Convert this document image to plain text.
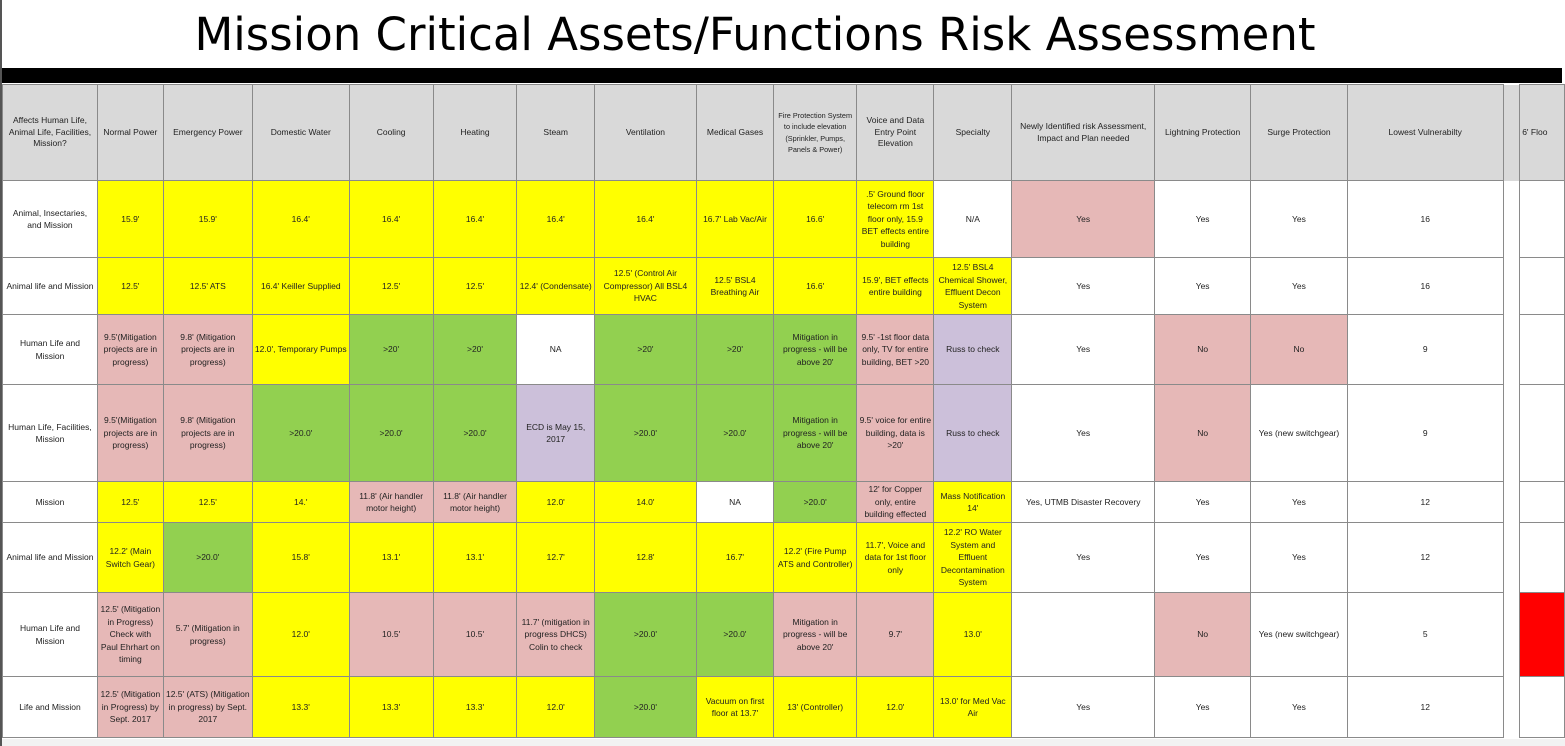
Mission Critical Assets/Functions Risk Assessment
Affects Human Life, Animal Life, Facilities, Mission?	Normal Power	Emergency Power	Domestic Water	Cooling	Heating	Steam	Ventilation	Medical Gases	Fire Protection System to include elevation (Sprinkler, Pumps, Panels & Power)	Voice and Data Entry Point Elevation	Specialty	Newly Identified risk Assessment, Impact and Plan needed	Lightning Protection	Surge Protection	Lowest Vulnerabilty		6' Floo
Animal, Insectaries, and Mission	15.9'	15.9'	16.4'	16.4'	16.4'	16.4'	16.4'	16.7' Lab Vac/Air	16.6'	.5' Ground floor telecom rm 1st floor only, 15.9 BET effects entire building	N/A	Yes	Yes	Yes	16		
Animal life and Mission	12.5'	12.5' ATS	16.4' Keiller Supplied	12.5'	12.5'	12.4' (Condensate)	12.5' (Control Air Compressor) All BSL4 HVAC	12.5' BSL4 Breathing Air	16.6'	15.9', BET effects entire building	12.5' BSL4 Chemical Shower, Effluent Decon System	Yes	Yes	Yes	16		
Human Life and Mission	9.5'(Mitigation projects are in progress)	9.8' (Mitigation projects are in progress)	12.0', Temporary Pumps	>20'	>20'	NA	>20'	>20'	Mitigation in progress - will be above 20'	9.5' -1st floor data only, TV for entire building, BET >20	Russ to check	Yes	No	No	9		
Human Life, Facilities, Mission	9.5'(Mitigation projects are in progress)	9.8' (Mitigation projects are in progress)	>20.0'	>20.0'	>20.0'	ECD is May 15, 2017	>20.0'	>20.0'	Mitigation in progress - will be above 20'	9.5' voice for entire building, data is >20'	Russ to check	Yes	No	Yes (new switchgear)	9		
Mission	12.5'	12.5'	14.'	11.8' (Air handler motor height)	11.8' (Air handler motor height)	12.0'	14.0'	NA	>20.0'	12' for Copper only, entire building effected	Mass Notification 14'	Yes, UTMB Disaster Recovery	Yes	Yes	12		
Animal life and Mission	12.2' (Main Switch Gear)	>20.0'	15.8'	13.1'	13.1'	12.7'	12.8'	16.7'	12.2' (Fire Pump ATS and Controller)	11.7', Voice and data for 1st floor only	12.2' RO Water System and Effluent Decontamination System	Yes	Yes	Yes	12		
Human Life and Mission	12.5' (Mitigation in Progress) Check with Paul Ehrhart on timing	5.7' (Mitigation in progress)	12.0'	10.5'	10.5'	11.7' (mitigation in progress DHCS) Colin to check	>20.0'	>20.0'	Mitigation in progress - will be above 20'	9.7'	13.0'		No	Yes (new switchgear)	5		
Life and Mission	12.5' (Mitigation in Progress) by Sept. 2017	12.5' (ATS) (Mitigation in progress) by Sept. 2017	13.3'	13.3'	13.3'	12.0'	>20.0'	Vacuum on first floor at 13.7'	13' (Controller)	12.0'	13.0' for Med Vac Air	Yes	Yes	Yes	12		
